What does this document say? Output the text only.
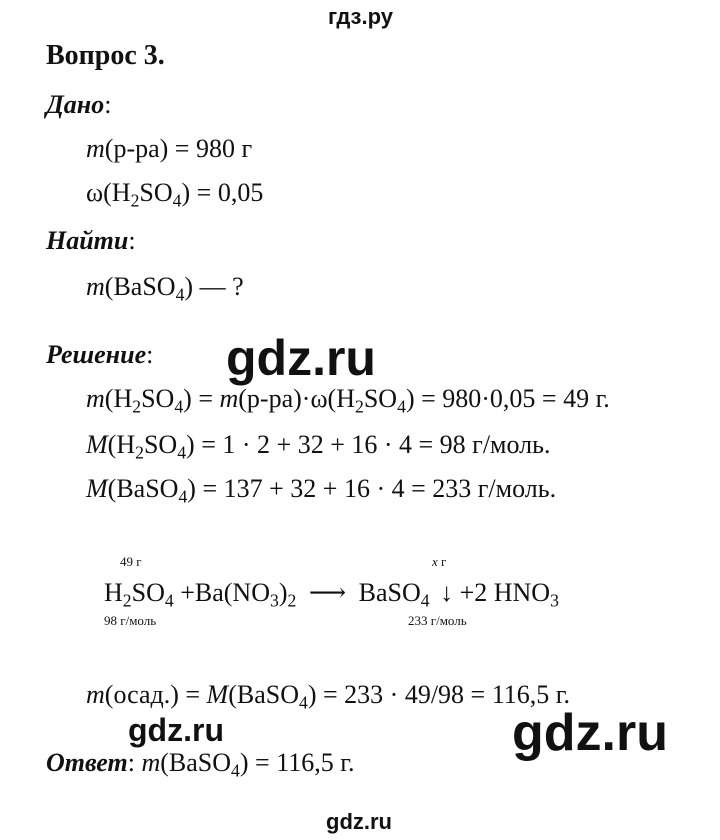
гдз.ру
Вопрос 3.
Дано:
m(р-ра) = 980 г
$\omega(H_2SO_4) = 0,05$
Найти:
m(BaSO$_4$) — ?
Решение:
$m(H_2SO_4) = m(р-ра)\cdot\omega(H_2SO_4) = 980\cdot 0,05 = 49$ г.
$M(H_2SO_4) = 1 \cdot 2 + 32 + 16 \cdot 4 = 98$ г/моль.
M(BaSO$_4$) = 137 + 32 + 16 · 4 = 233 г/моль.
49 г	x г
$H_2SO_4 +Ba(NO_3)_2$ ⟶ BaSO$_4$ ↓ +2 $HNO_3$
98 г/моль	233 г/моль
m(осад.) = M(BaSO$_4$) = 233 · 49/98 = 116,5 г.
Ответ: m(BaSO$_4$) = 116,5 г.
gdz.ru
gdz.ru	gdz.ru
gdz.ru
